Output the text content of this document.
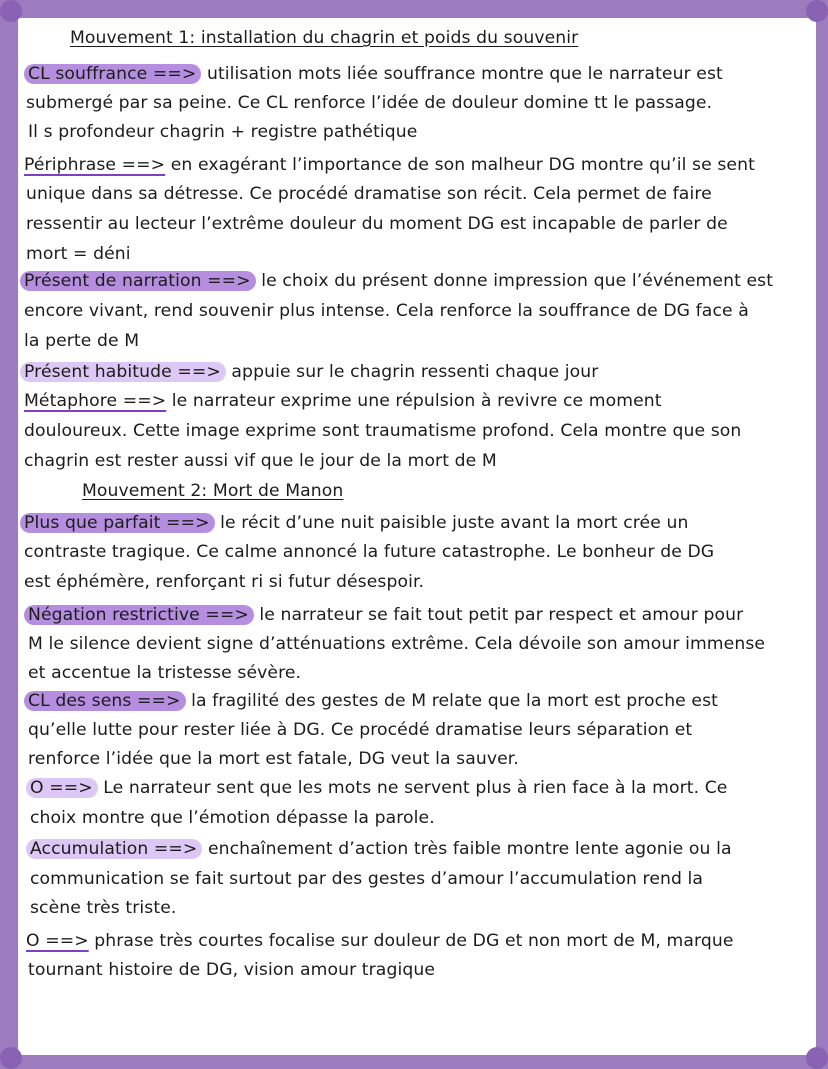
Mouvement 1: installation du chagrin et poids du souvenir
CL souffrance ==> utilisation mots liée souffrance montre que le narrateur est
submergé par sa peine. Ce CL renforce l’idée de douleur domine tt le passage.
Il s profondeur chagrin + registre pathétique
Périphrase ==> en exagérant l’importance de son malheur DG montre qu’il se sent
unique dans sa détresse. Ce procédé dramatise son récit. Cela permet de faire
ressentir au lecteur l’extrême douleur du moment DG est incapable de parler de
mort = déni
Présent de narration ==> le choix du présent donne impression que l’événement est
encore vivant, rend souvenir plus intense. Cela renforce la souffrance de DG face à
la perte de M
Présent habitude ==> appuie sur le chagrin ressenti chaque jour
Métaphore ==> le narrateur exprime une répulsion à revivre ce moment
douloureux. Cette image exprime sont traumatisme profond. Cela montre que son
chagrin est rester aussi vif que le jour de la mort de M
Mouvement 2: Mort de Manon
Plus que parfait ==> le récit d’une nuit paisible juste avant la mort crée un
contraste tragique. Ce calme annoncé la future catastrophe. Le bonheur de DG
est éphémère, renforçant ri si futur désespoir.
Négation restrictive ==> le narrateur se fait tout petit par respect et amour pour
M le silence devient signe d’atténuations extrême. Cela dévoile son amour immense
et accentue la tristesse sévère.
CL des sens ==> la fragilité des gestes de M relate que la mort est proche est
qu’elle lutte pour rester liée à DG. Ce procédé dramatise leurs séparation et
renforce l’idée que la mort est fatale, DG veut la sauver.
O ==> Le narrateur sent que les mots ne servent plus à rien face à la mort. Ce
choix montre que l’émotion dépasse la parole.
Accumulation ==> enchaînement d’action très faible montre lente agonie ou la
communication se fait surtout par des gestes d’amour l’accumulation rend la
scène très triste.
O ==> phrase très courtes focalise sur douleur de DG et non mort de M, marque
tournant histoire de DG, vision amour tragique
